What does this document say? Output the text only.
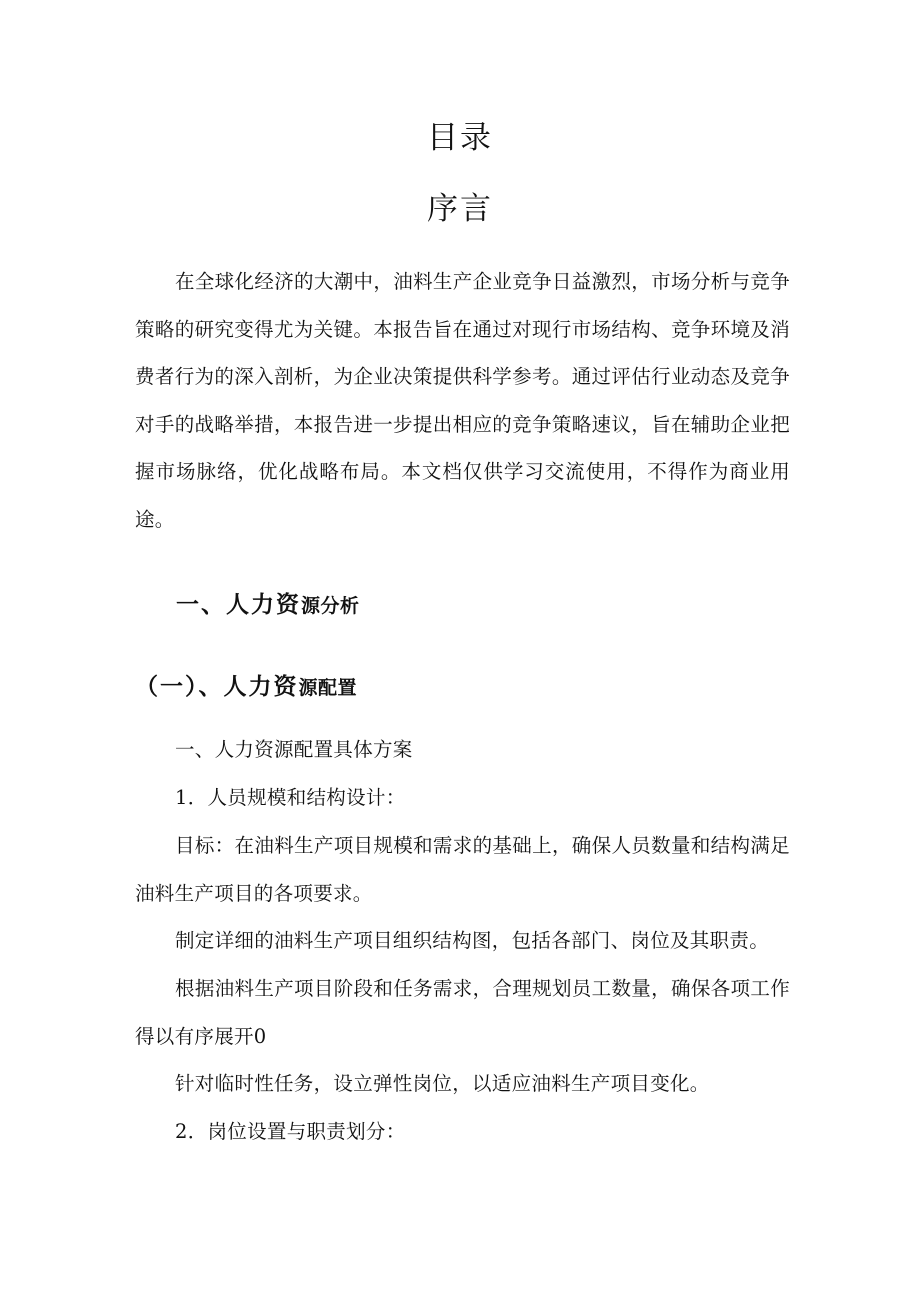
目录
序言

在全球化经济的大潮中，油料生产企业竞争日益激烈，市场分析与竞争策略的研究变得尤为关键。本报告旨在通过对现行市场结构、竞争环境及消费者行为的深入剖析，为企业决策提供科学参考。通过评估行业动态及竞争对手的战略举措，本报告进一步提出相应的竞争策略速议，旨在辅助企业把握市场脉络，优化战略布局。本文档仅供学习交流使用，不得作为商业用途。

一、人力资源分析
（一）、人力资源配置

一、人力资源配置具体方案

1．人员规模和结构设计：

目标：在油料生产项目规模和需求的基础上，确保人员数量和结构满足油料生产项目的各项要求。

制定详细的油料生产项目组织结构图，包括各部门、岗位及其职责。

根据油料生产项目阶段和任务需求，合理规划员工数量，确保各项工作得以有序展开0

针对临时性任务，设立弹性岗位，以适应油料生产项目变化。

2．岗位设置与职责划分：
